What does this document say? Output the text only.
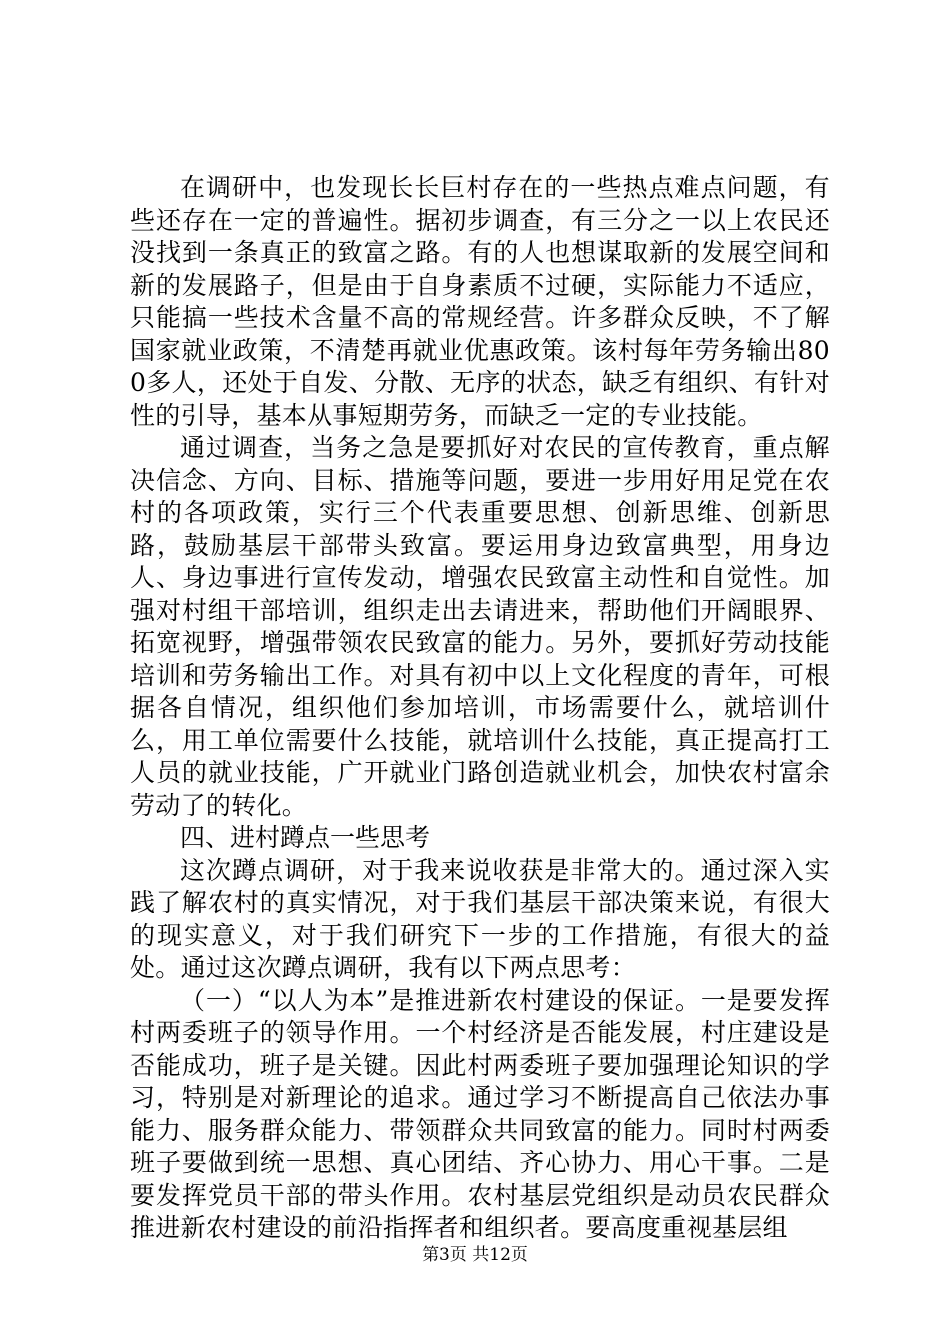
在调研中，也发现长长巨村存在的一些热点难点问题，有些还存在一定的普遍性。据初步调查，有三分之一以上农民还没找到一条真正的致富之路。有的人也想谋取新的发展空间和新的发展路子，但是由于自身素质不过硬，实际能力不适应，只能搞一些技术含量不高的常规经营。许多群众反映，不了解国家就业政策，不清楚再就业优惠政策。该村每年劳务输出800多人，还处于自发、分散、无序的状态，缺乏有组织、有针对性的引导，基本从事短期劳务，而缺乏一定的专业技能。

通过调查，当务之急是要抓好对农民的宣传教育，重点解决信念、方向、目标、措施等问题，要进一步用好用足党在农村的各项政策，实行三个代表重要思想、创新思维、创新思路，鼓励基层干部带头致富。要运用身边致富典型，用身边人、身边事进行宣传发动，增强农民致富主动性和自觉性。加强对村组干部培训，组织走出去请进来，帮助他们开阔眼界、拓宽视野，增强带领农民致富的能力。另外，要抓好劳动技能培训和劳务输出工作。对具有初中以上文化程度的青年，可根据各自情况，组织他们参加培训，市场需要什么，就培训什么，用工单位需要什么技能，就培训什么技能，真正提高打工人员的就业技能，广开就业门路创造就业机会，加快农村富余劳动了的转化。

四、进村蹲点一些思考

这次蹲点调研，对于我来说收获是非常大的。通过深入实践了解农村的真实情况，对于我们基层干部决策来说，有很大的现实意义，对于我们研究下一步的工作措施，有很大的益处。通过这次蹲点调研，我有以下两点思考：

（一）“以人为本”是推进新农村建设的保证。一是要发挥村两委班子的领导作用。一个村经济是否能发展，村庄建设是否能成功，班子是关键。因此村两委班子要加强理论知识的学习，特别是对新理论的追求。通过学习不断提高自己依法办事能力、服务群众能力、带领群众共同致富的能力。同时村两委班子要做到统一思想、真心团结、齐心协力、用心干事。二是要发挥党员干部的带头作用。农村基层党组织是动员农民群众推进新农村建设的前沿指挥者和组织者。要高度重视基层组

第3页 共12页
